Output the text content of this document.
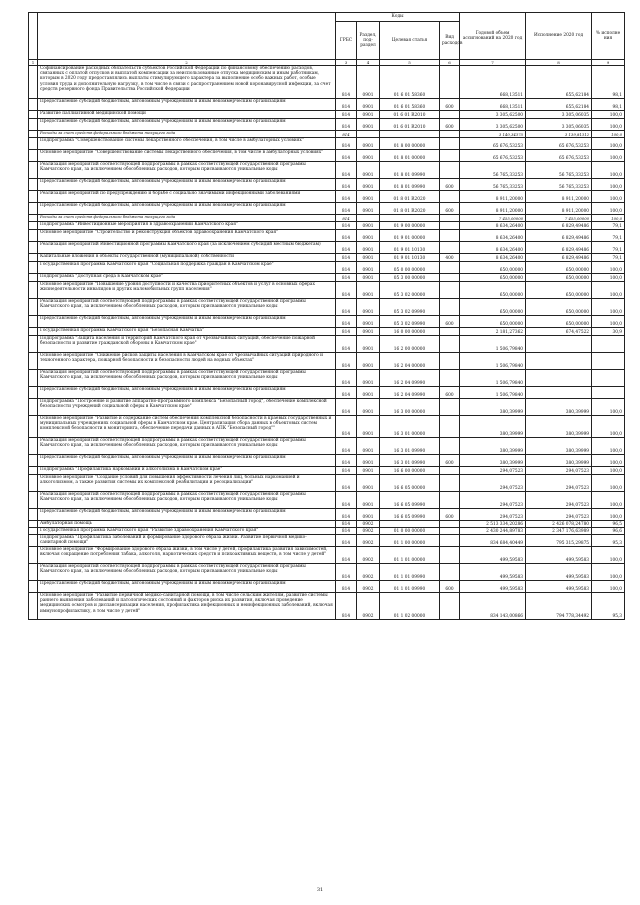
		Коды				Годовой объем ассигнований на 2020 год	Исполнение 2020 год	% исполне ния
		ГРБС	Раздел, под-раздел	Целевая статья	Вид расходов			
1	2	3	4	5	6	7	8	9
	Софинансирование расходных обязательств субъектов Российской Федерации по финансовому обеспечению расходов, связанных с оплатой отпусков и выплатой компенсации за неиспользованные отпуска медицинским и иным работникам, которым в 2020 году предоставлялись выплаты стимулирующего характера за выполнение особо важных работ, особые условия труда и дополнительную нагрузку, в том числе в связи с распространением новой коронавирусной инфекции, за счет средств резервного фонда Правительства Российской Федерации	814	0901	01 6 01 58360		668,13511	655,62184	98,1
	Предоставление субсидий бюджетным, автономным учреждениям и иным некоммерческим организациям	814	0901	01 6 01 58360	600	668,13511	655,62184	98,1
	Развитие паллиативной медицинской помощи	814	0901	01 6 01 R2010		3 305,62500	3 305,06035	100,0
	Предоставление субсидий бюджетным, автономным учреждениям и иным некоммерческим организациям	814	0901	01 6 01 R2010	600	3 305,62500	3 305,06035	100,0
	Расходы за счет средств федерального бюджета текущего года	814				3 140,34375	3 139,81312	100,0
	Подпрограмма "Совершенствование системы лекарственного обеспечения, в том числе в амбулаторных условиях"	814	0901	01 8 00 00000		65 676,53253	65 676,53253	100,0
	Основное мероприятие "Совершенствование системы лекарственного обеспечения, в том числе в амбулаторных условиях"	814	0901	01 8 01 00000		65 676,53253	65 676,53253	100,0
	Реализация мероприятий соответствующей подпрограммы в рамках соответствующей государственной программы Камчатского края, за исключением обособленных расходов, которым присваиваются уникальные коды	814	0901	01 8 01 09990		56 765,33253	56 765,33253	100,0
	Предоставление субсидий бюджетным, автономным учреждениям и иным некоммерческим организациям	814	0901	01 8 01 09990	600	56 765,33253	56 765,33253	100,0
	Реализация мероприятий по предупреждению и борьбе с социально значимыми инфекционными заболеваниями	814	0901	01 8 01 R2020		8 911,20000	8 911,20000	100,0
	Предоставление субсидий бюджетным, автономным учреждениям и иным некоммерческим организациям	814	0901	01 8 01 R2020	600	8 911,20000	8 911,20000	100,0
	Расходы за счет средств федерального бюджета текущего года	814				7 455,00000	7 455,00000	100,0
	Подпрограмма "Инвестиционные мероприятия в здравоохранении Камчатского края"	814	0901	01 9 00 00000		8 634,26400	6 829,49486	79,1
	Основное мероприятие "Строительство и реконструкция объектов здравоохранения Камчатского края"	814	0901	01 9 01 00000		8 634,26400	6 829,49486	79,1
	Реализация мероприятий Инвестиционной программы Камчатского края (за исключением субсидий местным бюджетам)	814	0901	01 9 01 10130		8 634,26400	6 829,49486	79,1
	Капитальные вложения в объекты государственной (муниципальной) собственности	814	0901	01 9 01 10130	400	8 634,26400	6 829,49486	79,1
	Государственная программа Камчатского края "Социальная поддержка граждан в Камчатском крае"	814	0901	05 0 00 00000		650,00000	650,00000	100,0
	Подпрограмма "Доступная среда в Камчатском крае"	814	0901	05 3 00 00000		650,00000	650,00000	100,0
	Основное мероприятие "Повышение уровня доступности и качества приоритетных объектов и услуг в основных сферах жизнедеятельности инвалидов и других маломобильных групп населения"	814	0901	05 3 02 00000		650,00000	650,00000	100,0
	Реализация мероприятий соответствующей подпрограммы в рамках соответствующей государственной программы Камчатского края, за исключением обособленных расходов, которым присваиваются уникальные коды	814	0901	05 3 02 09990		650,00000	650,00000	100,0
	Предоставление субсидий бюджетным, автономным учреждениям и иным некоммерческим организациям	814	0901	05 3 02 09990	600	650,00000	650,00000	100,0
	Государственная программа Камчатского края "Безопасная Камчатка"	814	0901	16 0 00 00000		2 181,27362	674,47522	30,9
	Подпрограмма "Защита населения и территорий Камчатского края от чрезвычайных ситуаций, обеспечение пожарной безопасности и развитие гражданской обороны в Камчатском крае"	814	0901	16 2 00 00000		1 506,79840		
	Основное мероприятие "Снижение рисков защиты населения в Камчатском крае от чрезвычайных ситуаций природного и техногенного характера, пожарной безопасности и безопасности людей на водных объектах"	814	0901	16 2 04 00000		1 506,79840		
	Реализация мероприятий соответствующей подпрограммы в рамках соответствующей государственной программы Камчатского края, за исключением обособленных расходов, которым присваиваются уникальные коды	814	0901	16 2 04 09990		1 506,79840		
	Предоставление субсидий бюджетным, автономным учреждениям и иным некоммерческим организациям	814	0901	16 2 04 09990	600	1 506,79840		
	Подпрограмма "Построение и развитие аппаратно-программного комплекса "Безопасный город", обеспечение комплексной безопасности учреждений социальной сферы в Камчатском крае"	814	0901	16 3 00 00000		380,39999	380,39999	100,0
	Основное мероприятие "Развитие и содержание систем обеспечения комплексной безопасности в краевых государственных и муниципальных учреждениях социальной сферы в Камчатском крае. Централизация сбора данных в объектовых систем комплексной безопасности в мониторинга, обеспечение передачи данных в АПК "Безопасный город""	814	0901	16 3 01 00000		380,39999	380,39999	100,0
	Реализация мероприятий соответствующей подпрограммы в рамках соответствующей государственной программы Камчатского края, за исключением обособленных расходов, которым присваиваются уникальные коды	814	0901	16 3 01 09990		380,39999	380,39999	100,0
	Предоставление субсидий бюджетным, автономным учреждениям и иным некоммерческим организациям	814	0901	16 3 01 09990	600	380,39999	380,39999	100,0
	Подпрограмма "Профилактика наркомании и алкоголизма в Камчатском крае"	814	0901	16 6 00 00000		294,07523	294,07523	100,0
	Основное мероприятие "Создание условий для повышения эффективности лечения лиц, больных наркоманией и алкоголизмом, а также развития системы их комплексной реабилитации и ресоциализации"	814	0901	16 6 05 00000		294,07523	294,07523	100,0
	Реализация мероприятий соответствующей подпрограммы в рамках соответствующей государственной программы Камчатского края, за исключением обособленных расходов, которым присваиваются уникальные коды	814	0901	16 6 05 09990		294,07523	294,07523	100,0
	Предоставление субсидий бюджетным, автономным учреждениям и иным некоммерческим организациям	814	0901	16 6 05 09990	600	294,07523	294,07523	100,0
	Амбулаторная помощь	814	0902			2 513 334,20286	2 426 078,24780	96,5
	Государственная программа Камчатского края "Развитие здравоохранения Камчатского края"	814	0902	01 0 00 00000		2 430 244,89783	2 347 176,63989	96,6
	Подпрограмма "Профилактика заболеваний и формирование здорового образа жизни. Развитие первичной медико-санитарной помощи"	814	0902	01 1 00 00000		834 684,40449	795 315,29875	95,3
	Основное мероприятие "Формирование здорового образа жизни, в том числе у детей, профилактика развития зависимостей, включая сокращение потребления табака, алкоголя, наркотических средств и психоактивных веществ, в том числе у детей"	814	0902	01 1 01 00000		499,59583	499,59583	100,0
	Реализация мероприятий соответствующей подпрограммы в рамках соответствующей государственной программы Камчатского края, за исключением обособленных расходов, которым присваиваются уникальные коды	814	0902	01 1 01 09990		499,59583	499,59583	100,0
	Предоставление субсидий бюджетным, автономным учреждениям и иным некоммерческим организациям	814	0902	01 1 01 09990	600	499,59583	499,59583	100,0
	Основное мероприятие "Развитие первичной медико-санитарной помощи, в том числе сельским жителям, развитие системы раннего выявления заболеваний и патологических состояний и факторов риска их развития, включая проведение медицинских осмотров и диспансеризации населения, профилактика инфекционных и неинфекционных заболеваний, включая иммунопрофилактику, в том числе у детей"	814	0902	01 1 02 00000		834 143,00866	794 778,34492	95,3
31
